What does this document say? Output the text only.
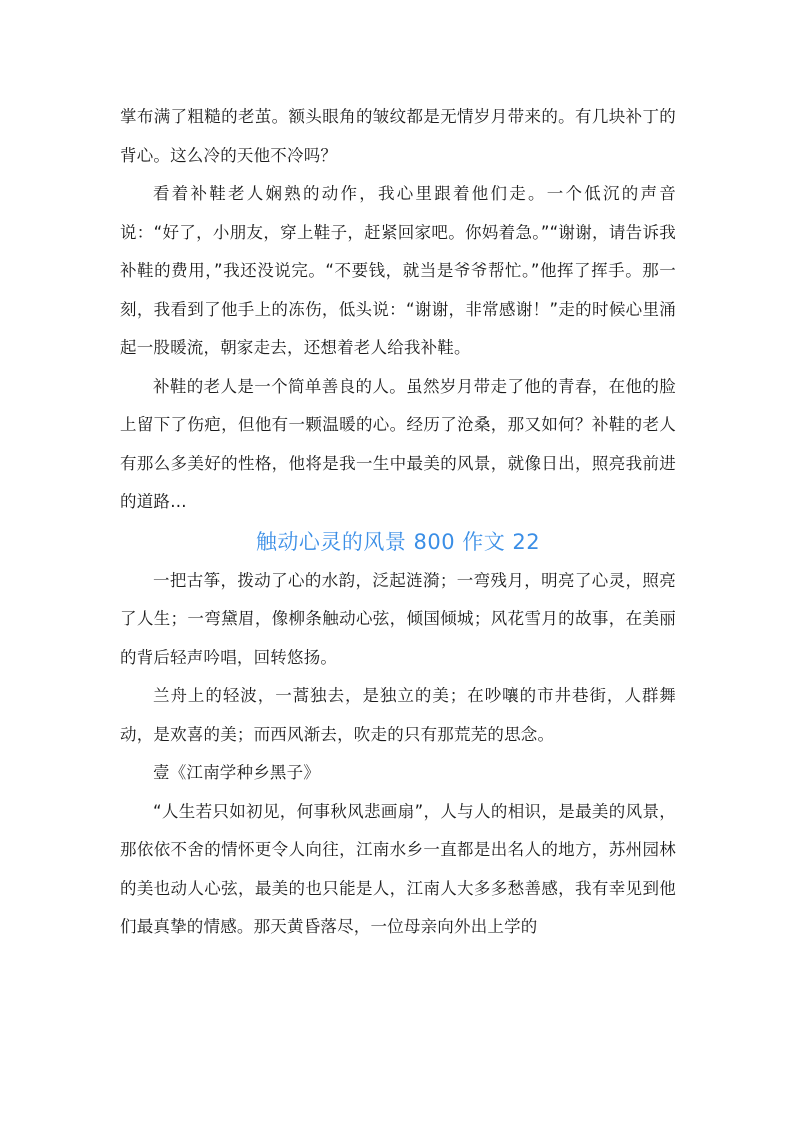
掌布满了粗糙的老茧。额头眼角的皱纹都是无情岁月带来的。有几块补丁的背心。这么冷的天他不冷吗？

看着补鞋老人娴熟的动作，我心里跟着他们走。一个低沉的声音说：“好了，小朋友，穿上鞋子，赶紧回家吧。你妈着急。”“谢谢，请告诉我补鞋的费用，”我还没说完。“不要钱，就当是爷爷帮忙。”他挥了挥手。那一刻，我看到了他手上的冻伤，低头说：“谢谢，非常感谢！”走的时候心里涌起一股暖流，朝家走去，还想着老人给我补鞋。

补鞋的老人是一个简单善良的人。虽然岁月带走了他的青春，在他的脸上留下了伤疤，但他有一颗温暖的心。经历了沧桑，那又如何？补鞋的老人有那么多美好的性格，他将是我一生中最美的风景，就像日出，照亮我前进的道路…

触动心灵的风景 800 作文 22

一把古筝，拨动了心的水韵，泛起涟漪；一弯残月，明亮了心灵，照亮了人生；一弯黛眉，像柳条触动心弦，倾国倾城；风花雪月的故事，在美丽的背后轻声吟唱，回转悠扬。

兰舟上的轻波，一蒿独去，是独立的美；在吵嚷的市井巷街，人群舞动，是欢喜的美；而西风渐去，吹走的只有那荒芜的思念。

壹《江南学种乡黑子》

“人生若只如初见，何事秋风悲画扇”，人与人的相识，是最美的风景，那依依不舍的情怀更令人向往，江南水乡一直都是出名人的地方，苏州园林的美也动人心弦，最美的也只能是人，江南人大多多愁善感，我有幸见到他们最真挚的情感。那天黄昏落尽，一位母亲向外出上学的
